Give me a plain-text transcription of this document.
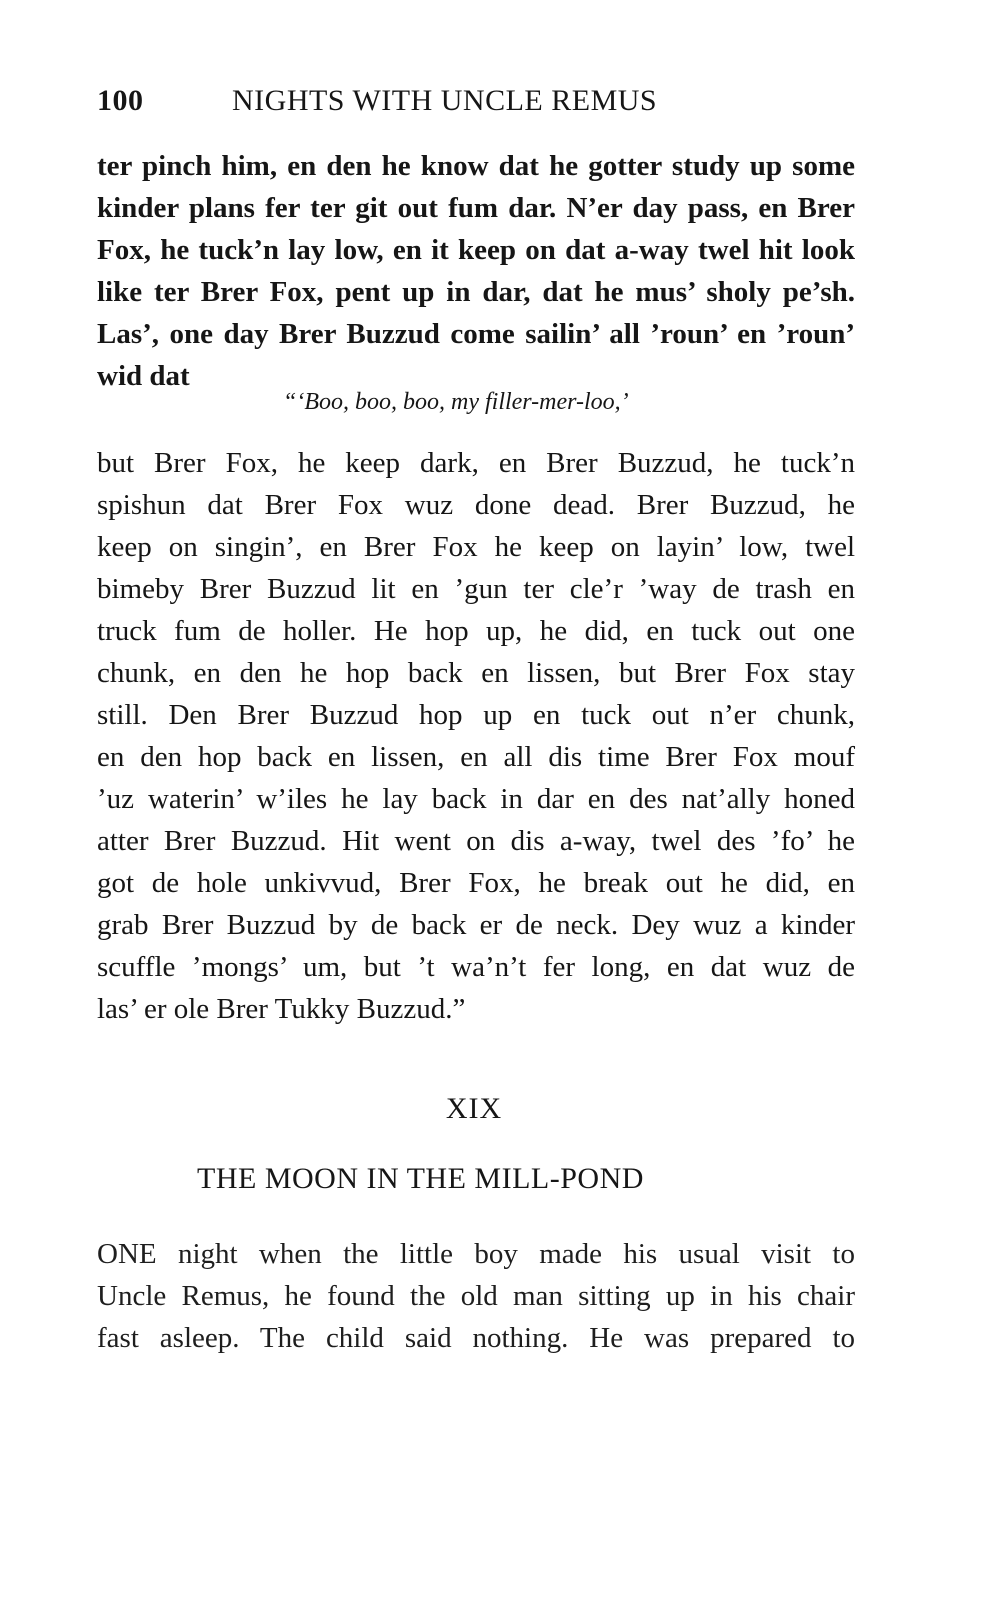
100	NIGHTS WITH UNCLE REMUS
ter pinch him, en den he know dat he gotter study up some
kinder plans fer ter git out fum dar. N’er day pass, en Brer
Fox, he tuck’n lay low, en it keep on dat a-way twel hit look
like ter Brer Fox, pent up in dar, dat he mus’ sholy pe’sh.
Las’, one day Brer Buzzud come sailin’ all ’roun’ en ’roun’
wid dat
“‘Boo, boo, boo, my filler-mer-loo,’
but Brer Fox, he keep dark, en Brer Buzzud, he tuck’n
spishun dat Brer Fox wuz done dead. Brer Buzzud, he
keep on singin’, en Brer Fox he keep on layin’ low, twel
bimeby Brer Buzzud lit en ’gun ter cle’r ’way de trash en
truck fum de holler. He hop up, he did, en tuck out one
chunk, en den he hop back en lissen, but Brer Fox stay
still. Den Brer Buzzud hop up en tuck out n’er chunk,
en den hop back en lissen, en all dis time Brer Fox mouf
’uz waterin’ w’iles he lay back in dar en des nat’ally honed
atter Brer Buzzud. Hit went on dis a-way, twel des ’fo’ he
got de hole unkivvud, Brer Fox, he break out he did, en
grab Brer Buzzud by de back er de neck. Dey wuz a kinder
scuffle ’mongs’ um, but ’t wa’n’t fer long, en dat wuz de
las’ er ole Brer Tukky Buzzud.”
XIX
THE MOON IN THE MILL-POND
ONE night when the little boy made his usual visit to
Uncle Remus, he found the old man sitting up in his chair
fast asleep. The child said nothing. He was prepared to
